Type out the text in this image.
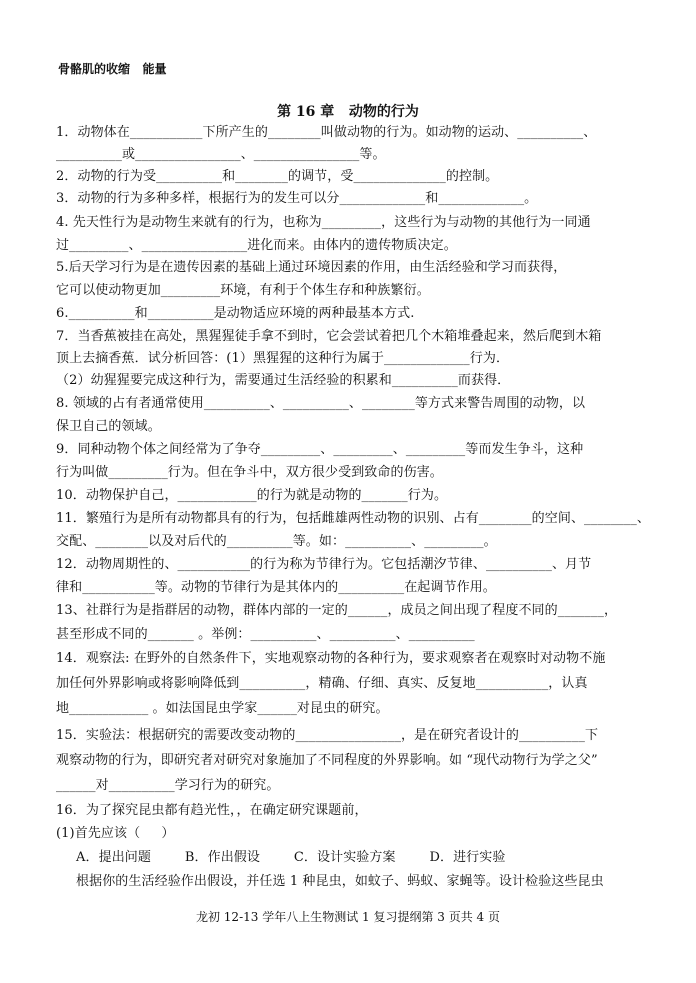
骨骼肌的收缩   能量
第 16 章   动物的行为
1．动物体在___________下所产生的________叫做动物的行为。如动物的运动、__________、
__________或________________、________________等。
2．动物的行为受__________和________的调节，受______________的控制。
3．动物的行为多种多样，根据行为的发生可以分_____________和_____________。
4. 先天性行为是动物生来就有的行为，也称为_________，这些行为与动物的其他行为一同通
过_________、________________进化而来。由体内的遗传物质决定。
5.后天学习行为是在遗传因素的基础上通过环境因素的作用，由生活经验和学习而获得，
它可以使动物更加_________环境，有利于个体生存和种族繁衍。
6.__________和__________是动物适应环境的两种最基本方式.
7．当香蕉被挂在高处，黑猩猩徒手拿不到时，它会尝试着把几个木箱堆叠起来，然后爬到木箱
顶上去摘香蕉．试分析回答：(1）黑猩猩的这种行为属于_____________行为．
（2）幼猩猩要完成这种行为，需要通过生活经验的积累和__________而获得．
8. 领域的占有者通常使用__________、__________、________等方式来警告周围的动物，以
保卫自己的领域。
9．同种动物个体之间经常为了争夺_________、_________、_________等而发生争斗，这种
行为叫做_________行为。但在争斗中，双方很少受到致命的伤害。
10．动物保护自己，____________的行为就是动物的_______行为。
11．繁殖行为是所有动物都具有的行为，包括雌雄两性动物的识别、占有________的空间、________、
交配、________以及对后代的__________等。如：__________、_________。
12．动物周期性的、___________的行为称为节律行为。它包括潮汐节律、__________、月节
律和___________等。动物的节律行为是其体内的__________在起调节作用。
13、社群行为是指群居的动物，群体内部的一定的______，成员之间出现了程度不同的_______，
甚至形成不同的_______ 。举例：__________、__________、__________
14．观察法: 在野外的自然条件下，实地观察动物的各种行为，要求观察者在观察时对动物不施
加任何外界影响或将影响降低到__________，精确、仔细、真实、反复地___________，认真
地____________ 。如法国昆虫学家______对昆虫的研究。
15．实验法：根据研究的需要改变动物的________________，是在研究者设计的__________下
观察动物的行为，即研究者对研究对象施加了不同程度的外界影响。如 “现代动物行为学之父”
______对__________学习行为的研究。
16．为了探究昆虫都有趋光性，，在确定研究课题前，
(1)首先应该（     ）
A．提出问题        B．作出假设        C．设计实验方案        D．进行实验
根据你的生活经验作出假设，并任选 1 种昆虫，如蚊子、蚂蚁、家蝇等。设计检验这些昆虫
龙初 12-13 学年八上生物测试 1 复习提纲第 3 页共 4 页
